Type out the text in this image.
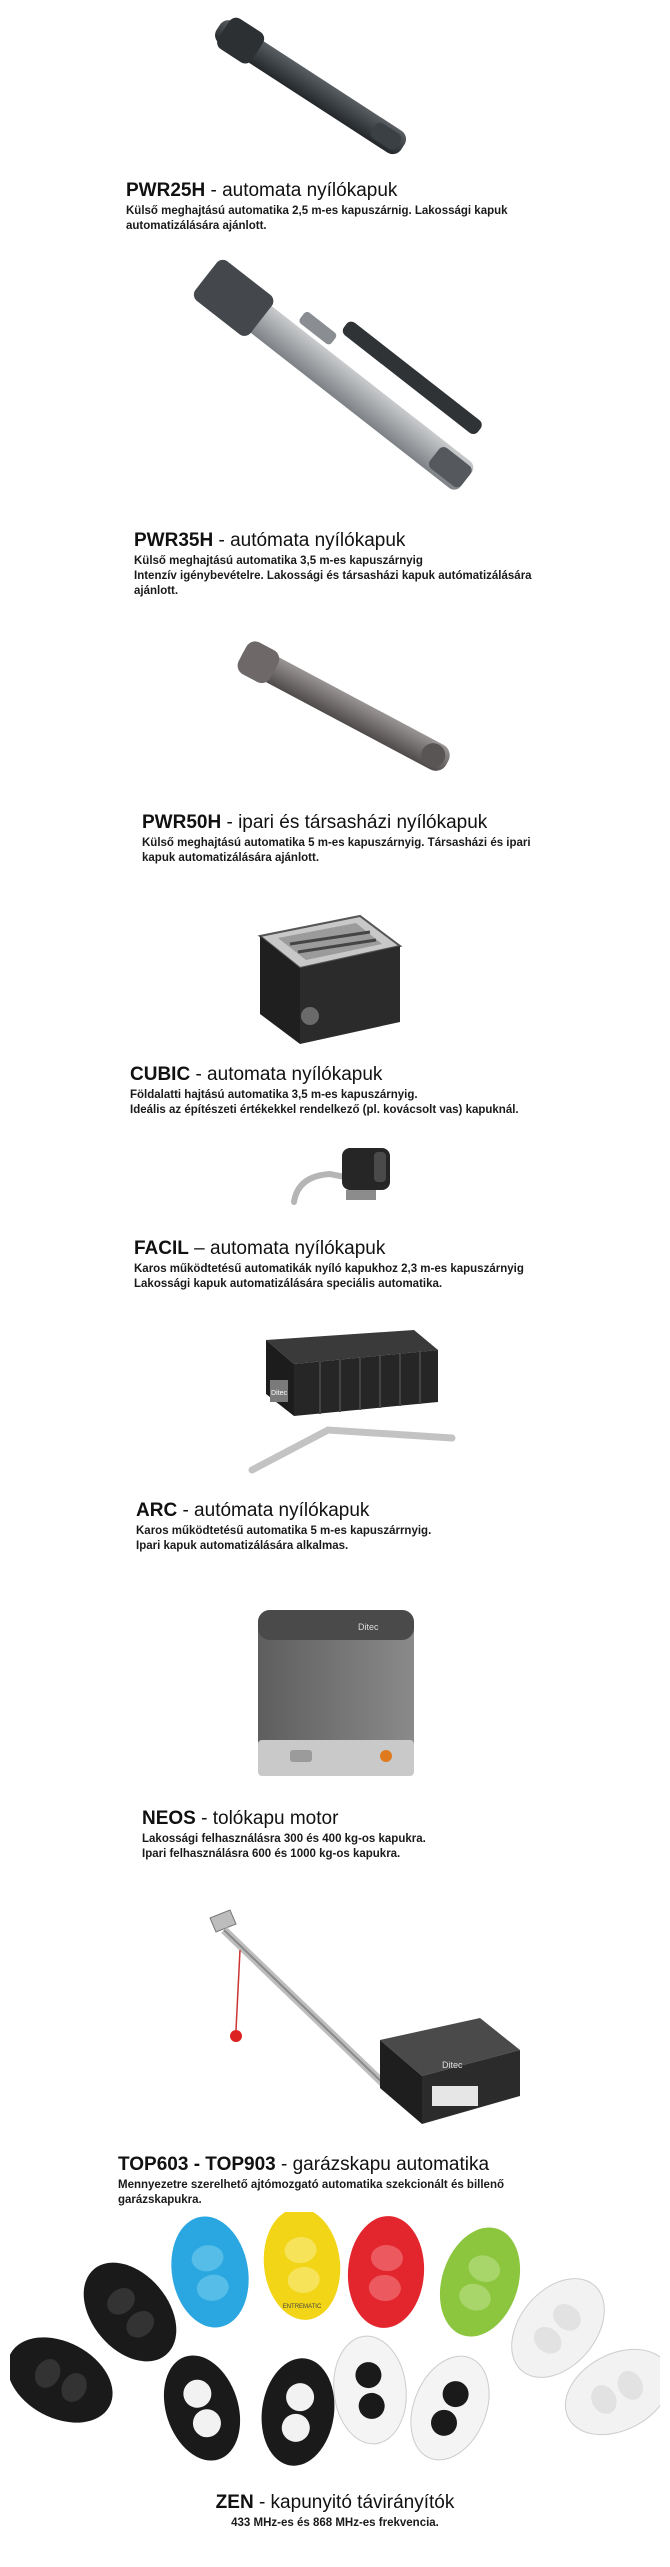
PWR25H - automata nyílókapuk
Külső meghajtású automatika 2,5 m-es kapuszárnig. Lakossági kapuk
automatizálására ajánlott.
PWR35H - autómata nyílókapuk
Külső meghajtású automatika 3,5 m-es kapuszárnyig
Intenzív igénybevételre. Lakossági és társasházi kapuk autómatizálására
ajánlott.
PWR50H - ipari és társasházi nyílókapuk
Külső meghajtású automatika 5 m-es kapuszárnyig. Társasházi és ipari
kapuk automatizálására ajánlott.
CUBIC - automata nyílókapuk
Földalatti hajtású automatika 3,5 m-es kapuszárnyig.
Ideális az építészeti értékekkel rendelkező (pl. kovácsolt vas) kapuknál.
FACIL – automata nyílókapuk
Karos működtetésű automatikák nyíló kapukhoz 2,3 m-es kapuszárnyig
Lakossági kapuk automatizálására speciális automatika.
Ditec
ARC - autómata nyílókapuk
Karos működtetésű automatika 5 m-es kapuszárrnyig.
Ipari kapuk automatizálására alkalmas.
Ditec
NEOS - tolókapu motor
Lakossági felhasználásra 300 és 400 kg-os kapukra.
Ipari felhasználásra 600 és 1000 kg-os kapukra.
Ditec
TOP603 - TOP903 - garázskapu automatika
Mennyezetre szerelhető ajtómozgató automatika szekcionált és billenő
garázskapukra.
ENTREMATIC
ZEN - kapunyitó távirányítók
433 MHz-es és 868 MHz-es frekvencia.
